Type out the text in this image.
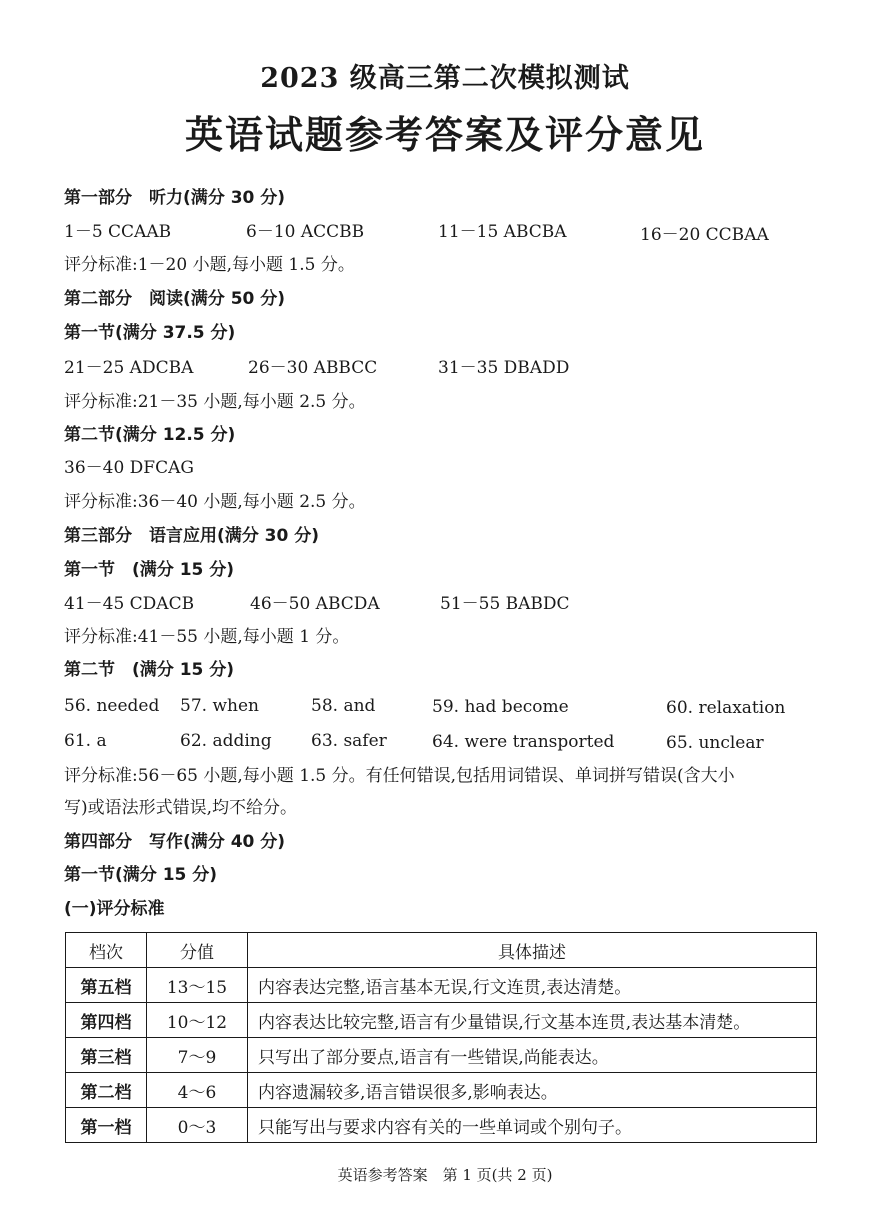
2023 级高三第二次模拟测试
英语试题参考答案及评分意见
第一部分　听力(满分 30 分)
1－5 CCAAB	6－10 ACCBB	11－15 ABCBA	16－20 CCBAA
评分标准:1－20 小题,每小题 1.5 分。
第二部分　阅读(满分 50 分)
第一节(满分 37.5 分)
21－25 ADCBA	26－30 ABBCC	31－35 DBADD
评分标准:21－35 小题,每小题 2.5 分。
第二节(满分 12.5 分)
36－40 DFCAG
评分标准:36－40 小题,每小题 2.5 分。
第三部分　语言应用(满分 30 分)
第一节　(满分 15 分)
41－45 CDACB	46－50 ABCDA	51－55 BABDC
评分标准:41－55 小题,每小题 1 分。
第二节　(满分 15 分)
56. needed 57. when	58. and	59. had become	60. relaxation
61. a	62. adding 63. safer	64. were transported	65. unclear
评分标准:56－65 小题,每小题 1.5 分。有任何错误,包括用词错误、单词拼写错误(含大小
写)或语法形式错误,均不给分。
第四部分　写作(满分 40 分)
第一节(满分 15 分)
(一)评分标准
档次	分值	具体描述
第五档	13～15	内容表达完整,语言基本无误,行文连贯,表达清楚。
第四档	10～12	内容表达比较完整,语言有少量错误,行文基本连贯,表达基本清楚。
第三档	7～9	只写出了部分要点,语言有一些错误,尚能表达。
第二档	4～6	内容遗漏较多,语言错误很多,影响表达。
第一档	0～3	只能写出与要求内容有关的一些单词或个别句子。
英语参考答案　第 1 页(共 2 页)
